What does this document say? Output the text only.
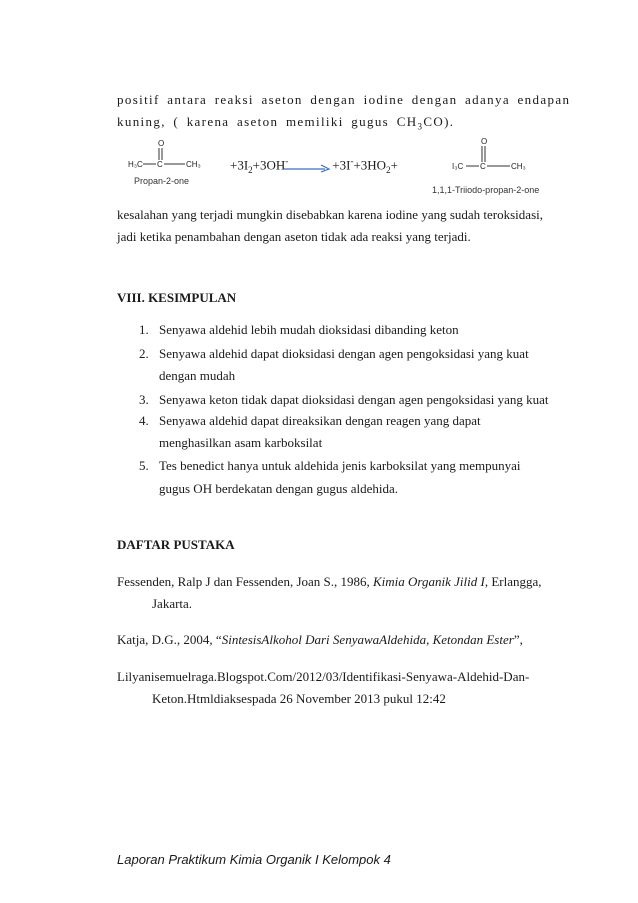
positif antara reaksi aseton dengan iodine dengan adanya endapan
kuning, ( karena aseton memiliki gugus $CH_3CO$).
O
H₃C C	CH₃
Propan-2-one
$+3I_2+3OH^-$	$+3I^-+3HO_2+$
O
I₃C C	CH₃
1,1,1-Triiodo-propan-2-one
kesalahan yang terjadi mungkin disebabkan karena iodine yang sudah teroksidasi,
jadi ketika penambahan dengan aseton tidak ada reaksi yang terjadi.
VIII. KESIMPULAN
1. Senyawa aldehid lebih mudah dioksidasi dibanding keton
2. Senyawa aldehid dapat dioksidasi dengan agen pengoksidasi yang kuat
dengan mudah
3. Senyawa keton tidak dapat dioksidasi dengan agen pengoksidasi yang kuat
4. Senyawa aldehid dapat direaksikan dengan reagen yang dapat
menghasilkan asam karboksilat
5. Tes benedict hanya untuk aldehida jenis karboksilat yang mempunyai
gugus OH berdekatan dengan gugus aldehida.
DAFTAR PUSTAKA
Fessenden, Ralp J dan Fessenden, Joan S., 1986, Kimia Organik Jilid I, Erlangga,
Jakarta.
Katja, D.G., 2004, “SintesisAlkohol Dari SenyawaAldehida, Ketondan Ester”,
Lilyanisemuelraga.Blogspot.Com/2012/03/Identifikasi-Senyawa-Aldehid-Dan-
Keton.Htmldiaksespada 26 November 2013 pukul 12:42
Laporan Praktikum Kimia Organik I Kelompok 4
